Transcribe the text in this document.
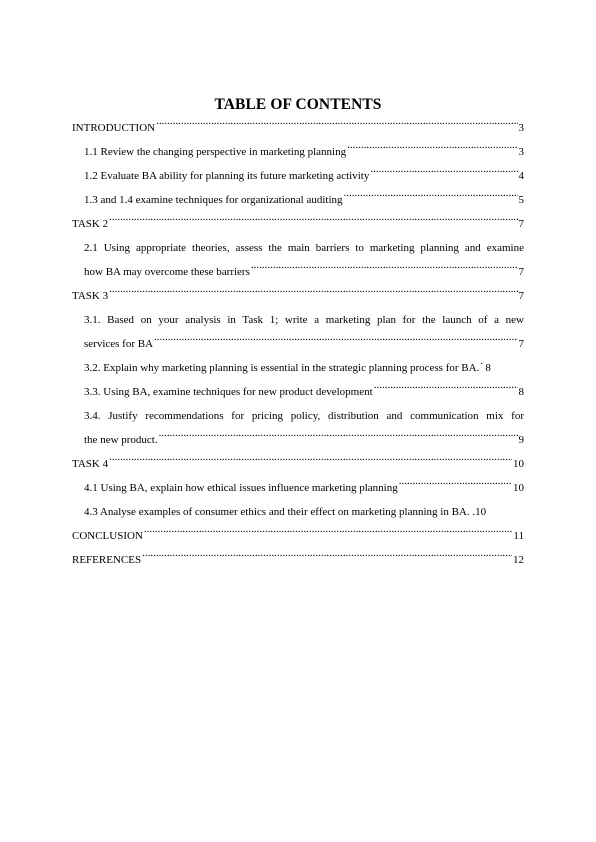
TABLE OF CONTENTS
INTRODUCTION .....	3
1.1 Review the changing perspective in marketing planning .....	3
1.2 Evaluate BA ability for planning its future marketing activity .....	4
1.3 and 1.4 examine techniques for organizational auditing .....	5
TASK 2 .....	7
2.1 Using appropriate theories, assess the main barriers to marketing planning and examine
how BA may overcome these barriers .....	7
TASK 3 .....	7
3.1. Based on your analysis in Task 1; write a marketing plan for the launch of a new
services for BA .....	7
3.2. Explain why marketing planning is essential in the strategic planning process for BA. ..... 8
3.3. Using BA, examine techniques for new product development .....	8
3.4. Justify recommendations for pricing policy, distribution and communication mix for
the new product. .....	9
TASK 4 .....	10
4.1 Using BA, explain how ethical issues influence marketing planning .....	10
4.3 Analyse examples of consumer ethics and their effect on marketing planning in BA. . 10
CONCLUSION .....	11
REFERENCES .....	12
